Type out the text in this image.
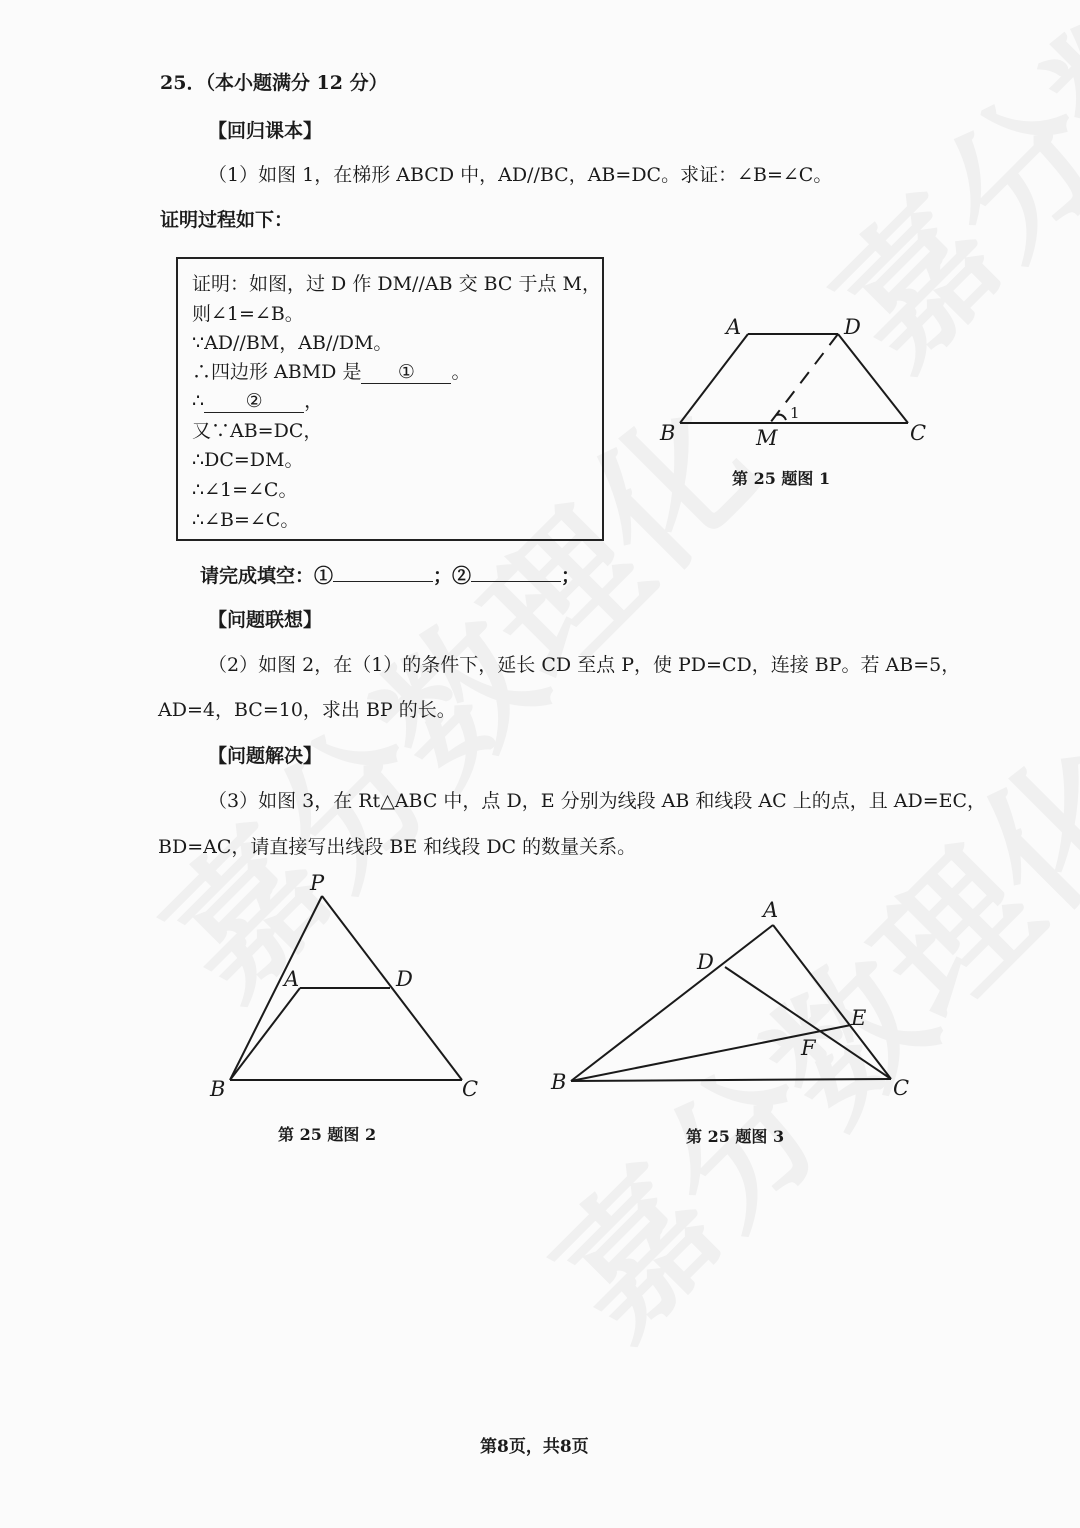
25．（本小题满分 12 分）
【回归课本】
（1）如图 1，在梯形 ABCD 中，AD//BC，AB=DC。求证：∠B=∠C。
证明过程如下：
证明：如图，过 D 作 DM//AB 交 BC 于点 M，
则∠1=∠B。
∵AD//BM，AB//DM。
∴四边形 ABMD 是 ① 。
∴ ② ，
又∵AB=DC，
∴DC=DM。
∴∠1=∠C。
∴∠B=∠C。
A	D
B	M	C
1
第 25 题图 1
请完成填空：①	；②	；
【问题联想】
（2）如图 2，在（1）的条件下，延长 CD 至点 P，使 PD=CD，连接 BP。若 AB=5，
AD=4，BC=10，求出 BP 的长。
【问题解决】
（3）如图 3，在 Rt△ABC 中，点 D，E 分别为线段 AB 和线段 AC 上的点，且 AD=EC，
BD=AC，请直接写出线段 BE 和线段 DC 的数量关系。
P
A	D
B	C
第 25 题图 2
A
D
E
F
B	C
第 25 题图 3
第8页，共8页
